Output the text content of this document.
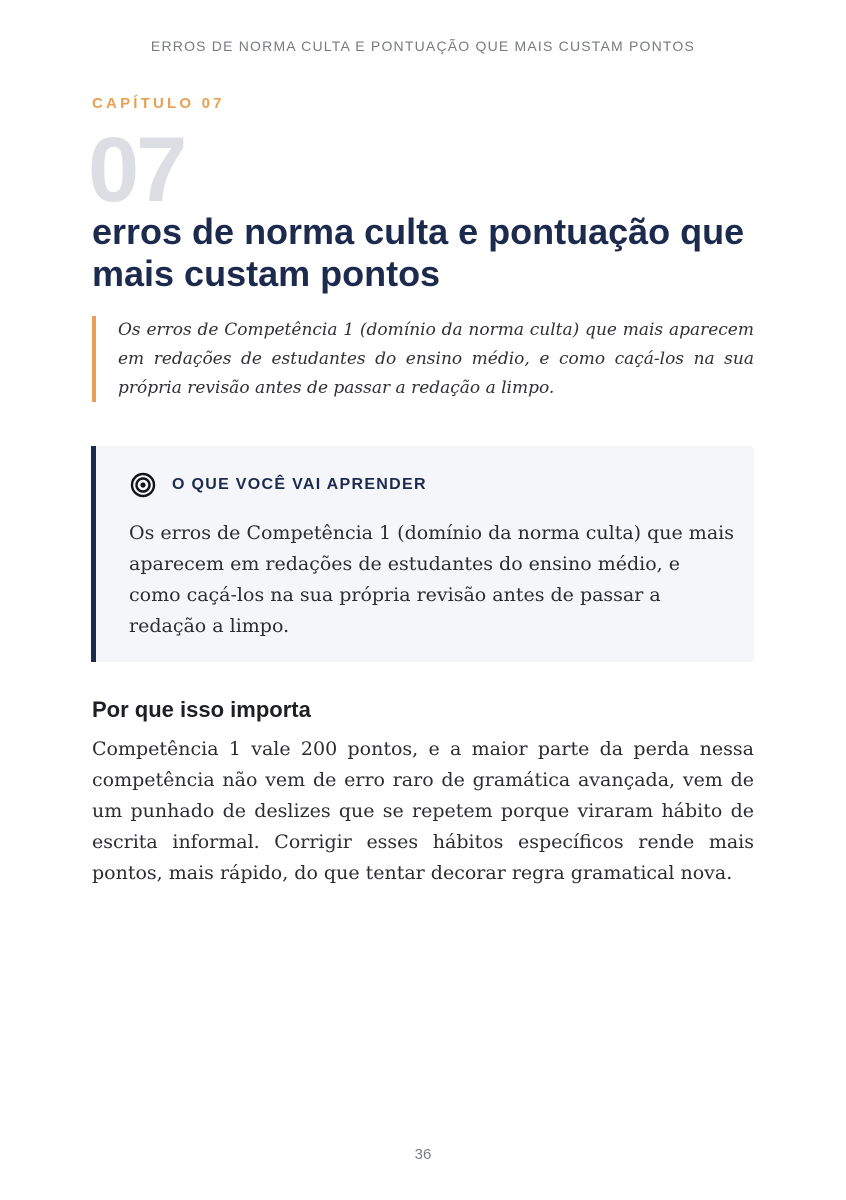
ERROS DE NORMA CULTA E PONTUAÇÃO QUE MAIS CUSTAM PONTOS
CAPÍTULO 07
07
erros de norma culta e pontuação que mais custam pontos

Os erros de Competência 1 (domínio da norma culta) que mais aparecem em redações de estudantes do ensino médio, e como caçá-los na sua própria revisão antes de passar a redação a limpo.

O QUE VOCÊ VAI APRENDER

Os erros de Competência 1 (domínio da norma culta) que mais aparecem em redações de estudantes do ensino médio, e como caçá-los na sua própria revisão antes de passar a redação a limpo.

Por que isso importa

Competência 1 vale 200 pontos, e a maior parte da perda nessa competência não vem de erro raro de gramática avançada, vem de um punhado de deslizes que se repetem porque viraram hábito de escrita informal. Corrigir esses hábitos específicos rende mais pontos, mais rápido, do que tentar decorar regra gramatical nova.

36
